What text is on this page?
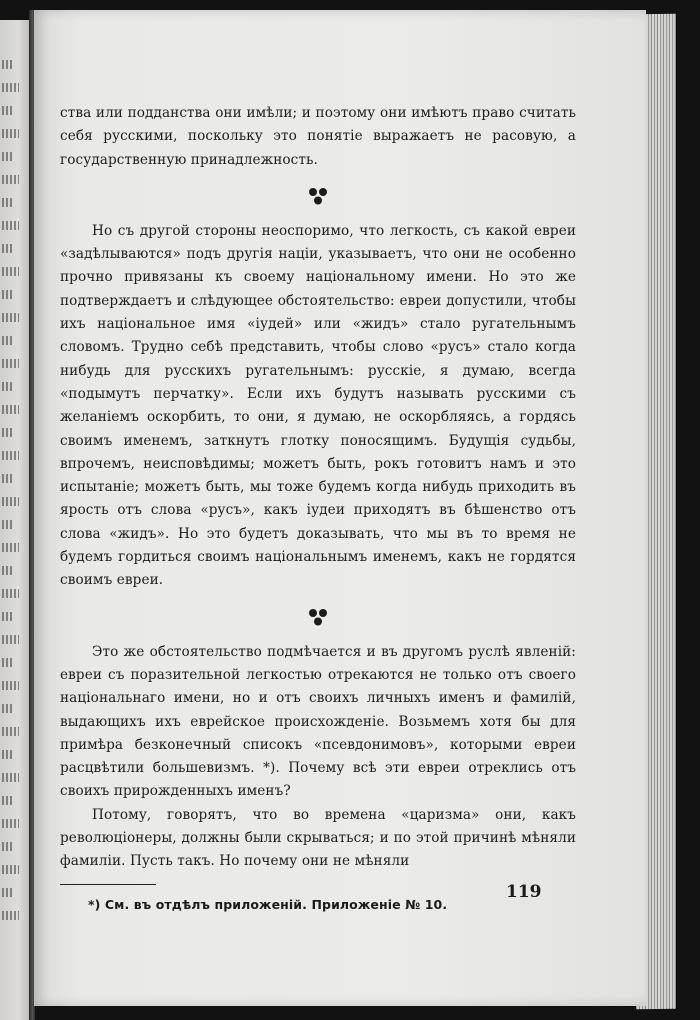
ства или подданства они имѣли; и поэтому они имѣютъ право считать себя русскими, поскольку это понятіе выражаетъ не расовую, а государственную принадлежность.

Но съ другой стороны неоспоримо, что легкость, съ какой евреи «задѣлываются» подъ другія націи, указываетъ, что они не особенно прочно привязаны къ своему національному имени. Но это же подтверждаетъ и слѣдующее обстоятельство: евреи допустили, чтобы ихъ національное имя «іудей» или «жидъ» стало ругательнымъ словомъ. Трудно себѣ представить, чтобы слово «русъ» стало когда нибудь для русскихъ ругательнымъ: русскіе, я думаю, всегда «подымутъ перчатку». Если ихъ будутъ называть русскими съ желаніемъ оскорбить, то они, я думаю, не оскорбляясь, а гордясь своимъ именемъ, заткнутъ глотку поносящимъ. Будущія судьбы, впрочемъ, неисповѣдимы; можетъ быть, рокъ готовитъ намъ и это испытаніе; можетъ быть, мы тоже будемъ когда нибудь приходить въ ярость отъ слова «русъ», какъ іудеи приходятъ въ бѣшенство отъ слова «жидъ». Но это будетъ доказывать, что мы въ то время не будемъ гордиться своимъ національнымъ именемъ, какъ не гордятся своимъ евреи.

Это же обстоятельство подмѣчается и въ другомъ руслѣ явленій: евреи съ поразительной легкостью отрекаются не только отъ своего національнаго имени, но и отъ своихъ личныхъ именъ и фамилій, выдающихъ ихъ еврейское происхожденіе. Возьмемъ хотя бы для примѣра безконечный списокъ «псевдонимовъ», которыми евреи расцвѣтили большевизмъ. *). Почему всѣ эти евреи отреклись отъ своихъ прирожденныхъ именъ?

Потому, говорятъ, что во времена «царизма» они, какъ революціонеры, должны были скрываться; и по этой причинѣ мѣняли фамиліи. Пусть такъ. Но почему они не мѣняли

*) См. въ отдѣлъ приложеній. Приложеніе № 10.
119
